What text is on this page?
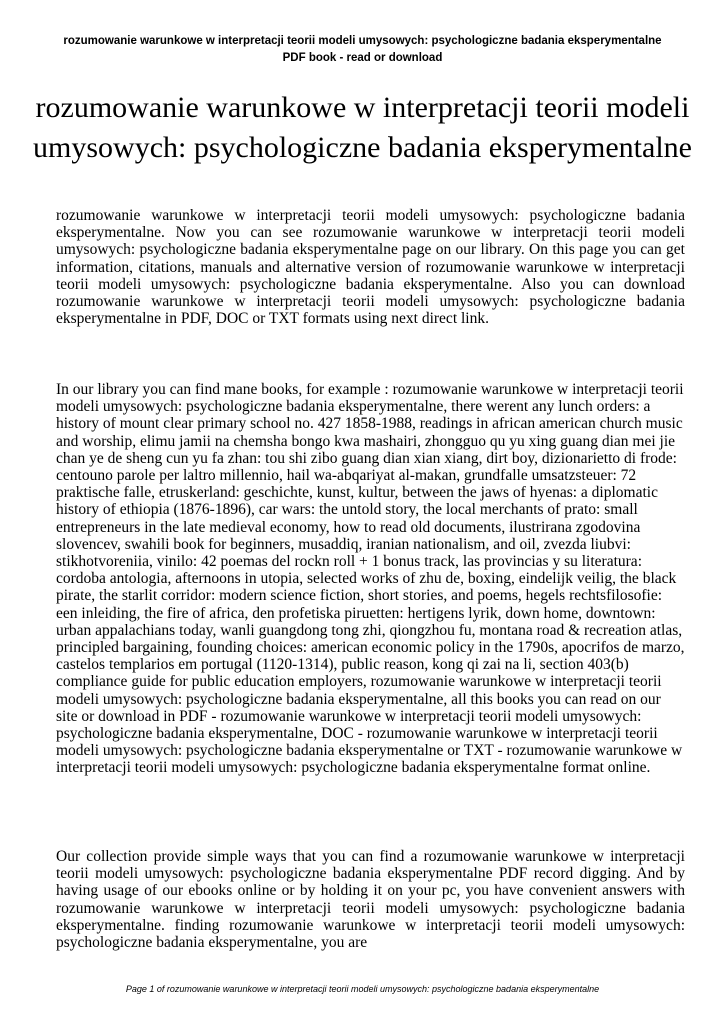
rozumowanie warunkowe w interpretacji teorii modeli umysowych: psychologiczne badania eksperymentalne
PDF book - read or download
rozumowanie warunkowe w interpretacji teorii modeli umysowych: psychologiczne badania eksperymentalne

rozumowanie warunkowe w interpretacji teorii modeli umysowych: psychologiczne badania eksperymentalne. Now you can see rozumowanie warunkowe w interpretacji teorii modeli umysowych: psychologiczne badania eksperymentalne page on our library. On this page you can get information, citations, manuals and alternative version of rozumowanie warunkowe w interpretacji teorii modeli umysowych: psychologiczne badania eksperymentalne. Also you can download rozumowanie warunkowe w interpretacji teorii modeli umysowych: psychologiczne badania eksperymentalne in PDF, DOC or TXT formats using next direct link.

In our library you can find mane books, for example : rozumowanie warunkowe w interpretacji teorii modeli umysowych: psychologiczne badania eksperymentalne, there werent any lunch orders: a history of mount clear primary school no. 427 1858-1988, readings in african american church music and worship, elimu jamii na chemsha bongo kwa mashairi, zhongguo qu yu xing guang dian mei jie chan ye de sheng cun yu fa zhan: tou shi zibo guang dian xian xiang, dirt boy, dizionarietto di frode: centouno parole per laltro millennio, hail wa-abqariyat al-makan, grundfalle umsatzsteuer: 72 praktische falle, etruskerland: geschichte, kunst, kultur, between the jaws of hyenas: a diplomatic history of ethiopia (1876-1896), car wars: the untold story, the local merchants of prato: small entrepreneurs in the late medieval economy, how to read old documents, ilustrirana zgodovina slovencev, swahili book for beginners, musaddiq, iranian nationalism, and oil, zvezda liubvi: stikhotvoreniia, vinilo: 42 poemas del rockn roll + 1 bonus track, las provincias y su literatura: cordoba antologia, afternoons in utopia, selected works of zhu de, boxing, eindelijk veilig, the black pirate, the starlit corridor: modern science fiction, short stories, and poems, hegels rechtsfilosofie: een inleiding, the fire of africa, den profetiska piruetten: hertigens lyrik, down home, downtown: urban appalachians today, wanli guangdong tong zhi, qiongzhou fu, montana road & recreation atlas, principled bargaining, founding choices: american economic policy in the 1790s, apocrifos de marzo, castelos templarios em portugal (1120-1314), public reason, kong qi zai na li, section 403(b) compliance guide for public education employers, rozumowanie warunkowe w interpretacji teorii modeli umysowych: psychologiczne badania eksperymentalne, all this books you can read on our site or download in PDF - rozumowanie warunkowe w interpretacji teorii modeli umysowych: psychologiczne badania eksperymentalne, DOC - rozumowanie warunkowe w interpretacji teorii modeli umysowych: psychologiczne badania eksperymentalne or TXT - rozumowanie warunkowe w interpretacji teorii modeli umysowych: psychologiczne badania eksperymentalne format online.

Our collection provide simple ways that you can find a rozumowanie warunkowe w interpretacji teorii modeli umysowych: psychologiczne badania eksperymentalne PDF record digging. And by having usage of our ebooks online or by holding it on your pc, you have convenient answers with rozumowanie warunkowe w interpretacji teorii modeli umysowych: psychologiczne badania eksperymentalne. finding rozumowanie warunkowe w interpretacji teorii modeli umysowych: psychologiczne badania eksperymentalne, you are

Page 1 of rozumowanie warunkowe w interpretacji teorii modeli umysowych: psychologiczne badania eksperymentalne
